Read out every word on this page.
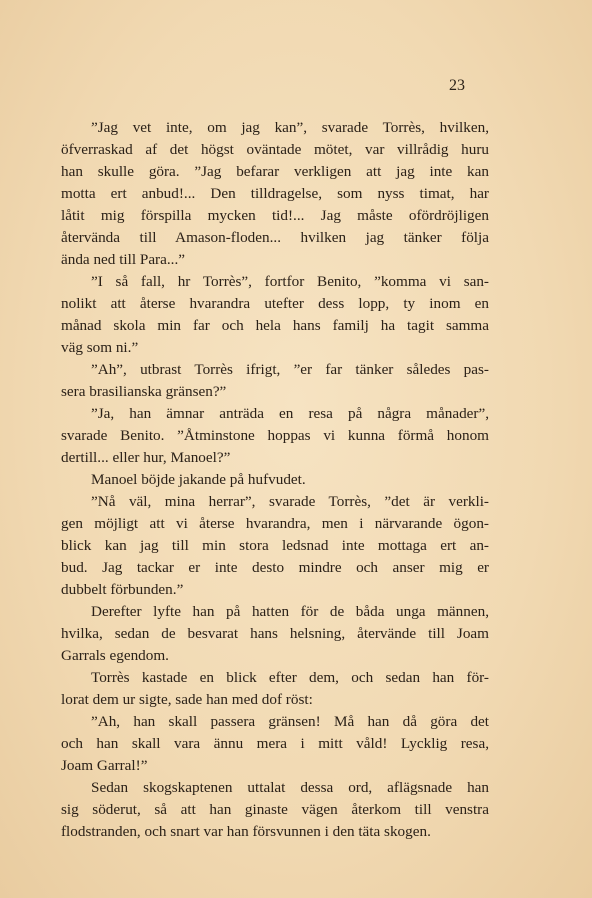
23
”Jag vet inte, om jag kan”, svarade Torrès, hvilken,
öfverraskad af det högst oväntade mötet, var villrådig huru
han skulle göra. ”Jag befarar verkligen att jag inte kan
motta ert anbud!... Den tilldragelse, som nyss timat, har
låtit mig förspilla mycken tid!... Jag måste ofördröjligen
återvända till Amason-floden... hvilken jag tänker följa
ända ned till Para...”
”I så fall, hr Torrès”, fortfor Benito, ”komma vi san-
nolikt att återse hvarandra utefter dess lopp, ty inom en
månad skola min far och hela hans familj ha tagit samma
väg som ni.”
”Ah”, utbrast Torrès ifrigt, ”er far tänker således pas-
sera brasilianska gränsen?”
”Ja, han ämnar anträda en resa på några månader”,
svarade Benito. ”Åtminstone hoppas vi kunna förmå honom
dertill... eller hur, Manoel?”
Manoel böjde jakande på hufvudet.
”Nå väl, mina herrar”, svarade Torrès, ”det är verkli-
gen möjligt att vi återse hvarandra, men i närvarande ögon-
blick kan jag till min stora ledsnad inte mottaga ert an-
bud. Jag tackar er inte desto mindre och anser mig er
dubbelt förbunden.”
Derefter lyfte han på hatten för de båda unga männen,
hvilka, sedan de besvarat hans helsning, återvände till Joam
Garrals egendom.
Torrès kastade en blick efter dem, och sedan han för-
lorat dem ur sigte, sade han med dof röst:
”Ah, han skall passera gränsen! Må han då göra det
och han skall vara ännu mera i mitt våld! Lycklig resa,
Joam Garral!”
Sedan skogskaptenen uttalat dessa ord, aflägsnade han
sig söderut, så att han ginaste vägen återkom till venstra
flodstranden, och snart var han försvunnen i den täta skogen.
